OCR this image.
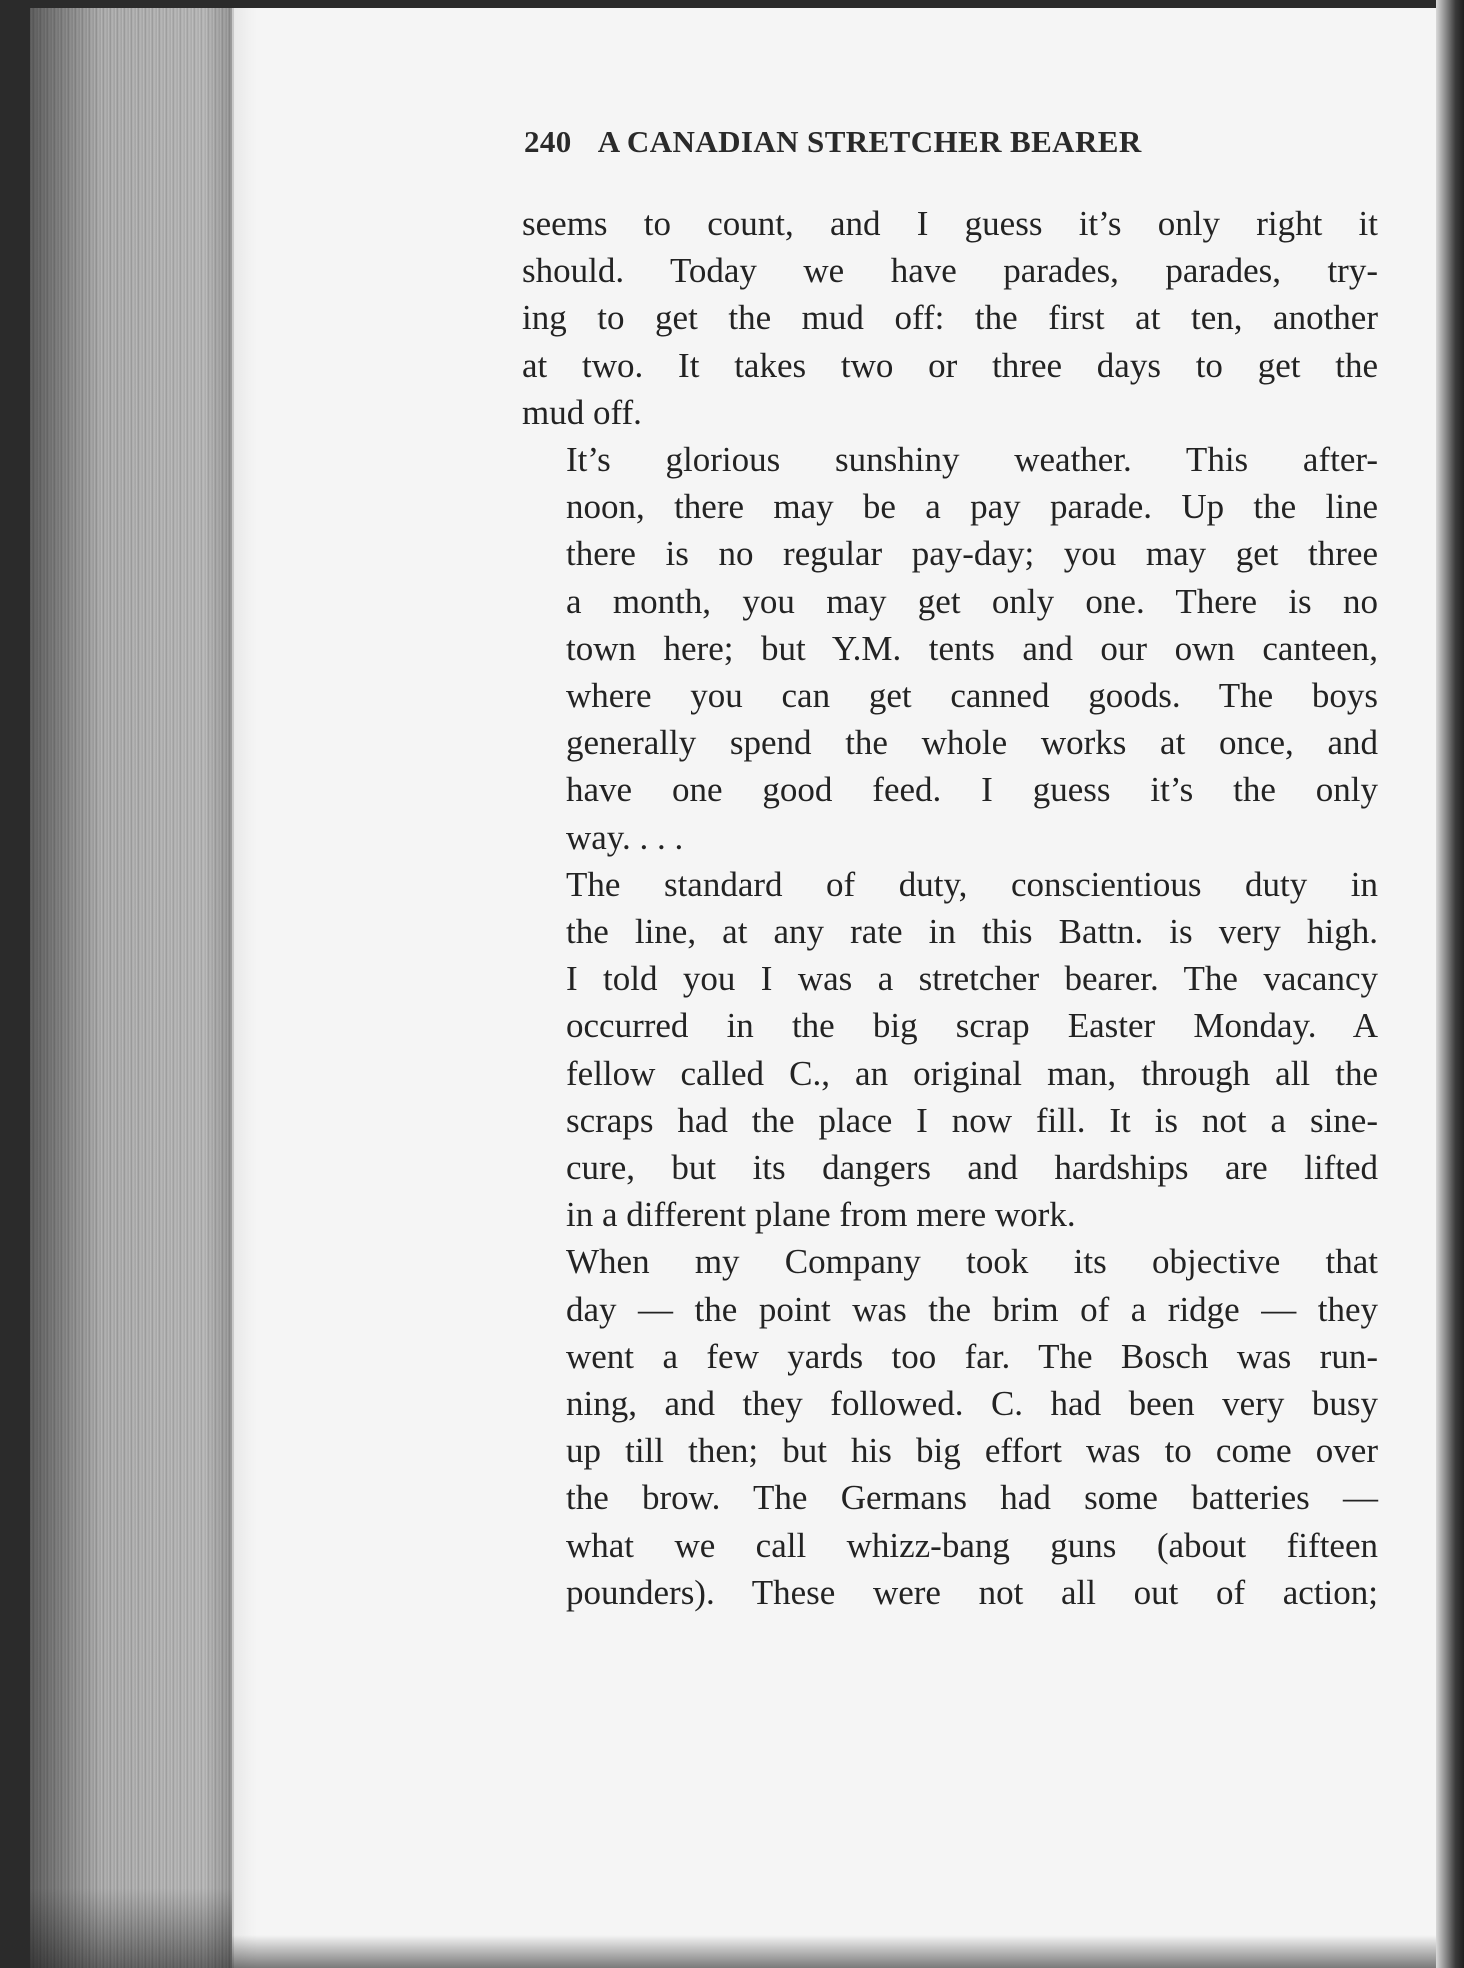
240 A CANADIAN STRETCHER BEARER

seems to count, and I guess it’s only right it
should. Today we have parades, parades, try-
ing to get the mud off: the first at ten, another
at two. It takes two or three days to get the
mud off.

It’s glorious sunshiny weather. This after-
noon, there may be a pay parade. Up the line
there is no regular pay-day; you may get three
a month, you may get only one. There is no
town here; but Y.M. tents and our own canteen,
where you can get canned goods. The boys
generally spend the whole works at once, and
have one good feed. I guess it’s the only
way. . . .

The standard of duty, conscientious duty in
the line, at any rate in this Battn. is very high.
I told you I was a stretcher bearer. The vacancy
occurred in the big scrap Easter Monday. A
fellow called C., an original man, through all the
scraps had the place I now fill. It is not a sine-
cure, but its dangers and hardships are lifted
in a different plane from mere work.

When my Company took its objective that
day — the point was the brim of a ridge — they
went a few yards too far. The Bosch was run-
ning, and they followed. C. had been very busy
up till then; but his big effort was to come over
the brow. The Germans had some batteries —
what we call whizz-bang guns (about fifteen
pounders). These were not all out of action;
